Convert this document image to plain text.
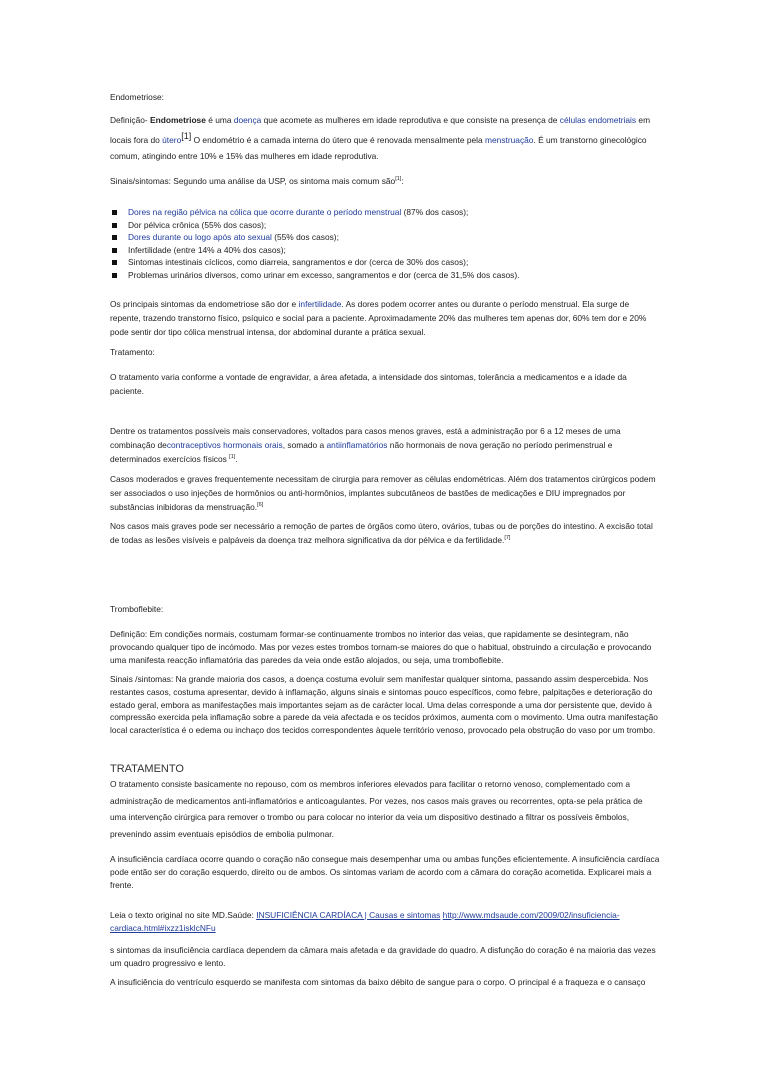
Endometriose:
Definição- Endometriose é uma doença que acomete as mulheres em idade reprodutiva e que consiste na presença de células endometriais em locais fora do útero[1] O endométrio é a camada interna do útero que é renovada mensalmente pela menstruação. É um transtorno ginecológico comum, atingindo entre 10% e 15% das mulheres em idade reprodutiva.
Sinais/sintomas: Segundo uma análise da USP, os sintoma mais comum são[1]:
Dores na região pélvica na cólica que ocorre durante o período menstrual (87% dos casos);
Dor pélvica crônica (55% dos casos);
Dores durante ou logo após ato sexual (55% dos casos);
Infertilidade (entre 14% a 40% dos casos);
Sintomas intestinais cíclicos, como diarreia, sangramentos e dor (cerca de 30% dos casos);
Problemas urinários diversos, como urinar em excesso, sangramentos e dor (cerca de 31,5% dos casos).
Os principais sintomas da endometriose são dor e infertilidade. As dores podem ocorrer antes ou durante o período menstrual. Ela surge de repente, trazendo transtorno físico, psíquico e social para a paciente. Aproximadamente 20% das mulheres tem apenas dor, 60% tem dor e 20% pode sentir dor tipo cólica menstrual intensa, dor abdominal durante a prática sexual.
Tratamento:
O tratamento varia conforme a vontade de engravidar, a área afetada, a intensidade dos sintomas, tolerância a medicamentos e a idade da paciente.
Dentre os tratamentos possíveis mais conservadores, voltados para casos menos graves, está a administração por 6 a 12 meses de uma combinação decontraceptivos hormonais orais, somado a antiinflamatórios não hormonais de nova geração no período perimenstrual e determinados exercícios físicos [1].
Casos moderados e graves frequentemente necessitam de cirurgia para remover as células endométricas. Além dos tratamentos cirúrgicos podem ser associados o uso injeções de hormônios ou anti-hormônios, implantes subcutâneos de bastões de medicações e DIU impregnados por substâncias inibidoras da menstruação.[6]
Nos casos mais graves pode ser necessário a remoção de partes de órgãos como útero, ovários, tubas ou de porções do intestino. A excisão total de todas as lesões visíveis e palpáveis da doença traz melhora significativa da dor pélvica e da fertilidade.[7]
Tromboflebite:
Definição: Em condições normais, costumam formar-se continuamente trombos no interior das veias, que rapidamente se desintegram, não provocando qualquer tipo de incómodo. Mas por vezes estes trombos tornam-se maiores do que o habitual, obstruindo a circulação e provocando uma manifesta reacção inflamatória das paredes da veia onde estão alojados, ou seja, uma tromboflebite.
Sinais /sintomas: Na grande maioria dos casos, a doença costuma evoluir sem manifestar qualquer sintoma, passando assim despercebida. Nos restantes casos, costuma apresentar, devido à inflamação, alguns sinais e sintomas pouco específicos, como febre, palpitações e deterioração do estado geral, embora as manifestações mais importantes sejam as de carácter local. Uma delas corresponde a uma dor persistente que, devido à compressão exercida pela inflamação sobre a parede da veia afectada e os tecidos próximos, aumenta com o movimento. Uma outra manifestação local característica é o edema ou inchaço dos tecidos correspondentes àquele território venoso, provocado pela obstrução do vaso por um trombo.
TRATAMENTO
O tratamento consiste basicamente no repouso, com os membros inferiores elevados para facilitar o retorno venoso, complementado com a administração de medicamentos anti-inflamatórios e anticoagulantes. Por vezes, nos casos mais graves ou recorrentes, opta-se pela prática de uma intervenção cirúrgica para remover o trombo ou para colocar no interior da veia um dispositivo destinado a filtrar os possíveis êmbolos, prevenindo assim eventuais episódios de embolia pulmonar.
A insuficiência cardíaca ocorre quando o coração não consegue mais desempenhar uma ou ambas funções eficientemente. A insuficiência cardíaca pode então ser do coração esquerdo, direito ou de ambos. Os sintomas variam de acordo com a câmara do coração acometida. Explicarei mais a frente.
Leia o texto original no site MD.Saúde: INSUFICIÊNCIA CARDÍACA | Causas e sintomas http://www.mdsaude.com/2009/02/insuficiencia-cardiaca.html#ixzz1isklcNFu
s sintomas da insuficiência cardíaca dependem da câmara mais afetada e da gravidade do quadro. A disfunção do coração é na maioria das vezes um quadro progressivo e lento.
A insuficiência do ventrículo esquerdo se manifesta com sintomas da baixo débito de sangue para o corpo. O principal é a fraqueza e o cansaço
